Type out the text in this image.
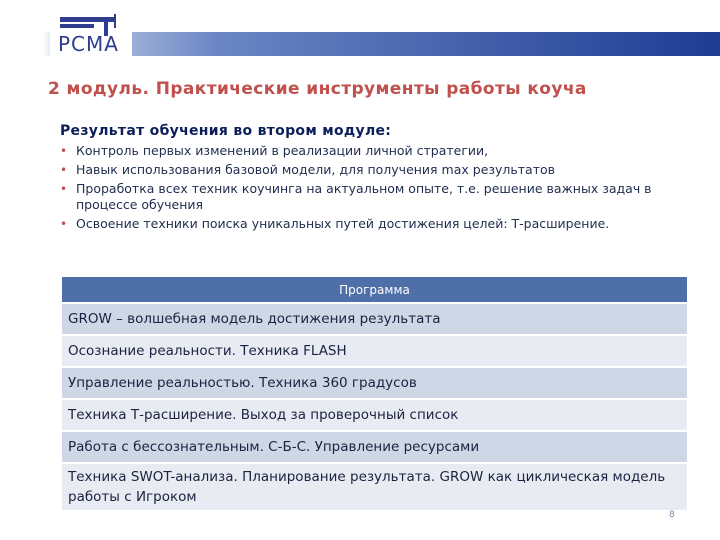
PCMA
2 модуль. Практические инструменты работы коуча

Результат обучения во втором модуле:

• Контроль первых изменений в реализации личной стратегии,
• Навык использования базовой модели, для получения max результатов
• Проработка всех техник коучинга на актуальном опыте, т.е. решение важных задач в процессе обучения
• Освоение техники поиска уникальных путей достижения целей: Т-расширение.
Программа
GROW – волшебная модель достижения результата
Осознание реальности. Техника FLASH
Управление реальностью. Техника 360 градусов
Техника Т-расширение. Выход за проверочный список
Работа с бессознательным. С-Б-С. Управление ресурсами
Техника SWOT-анализа. Планирование результата. GROW как циклическая модель работы с Игроком
8
